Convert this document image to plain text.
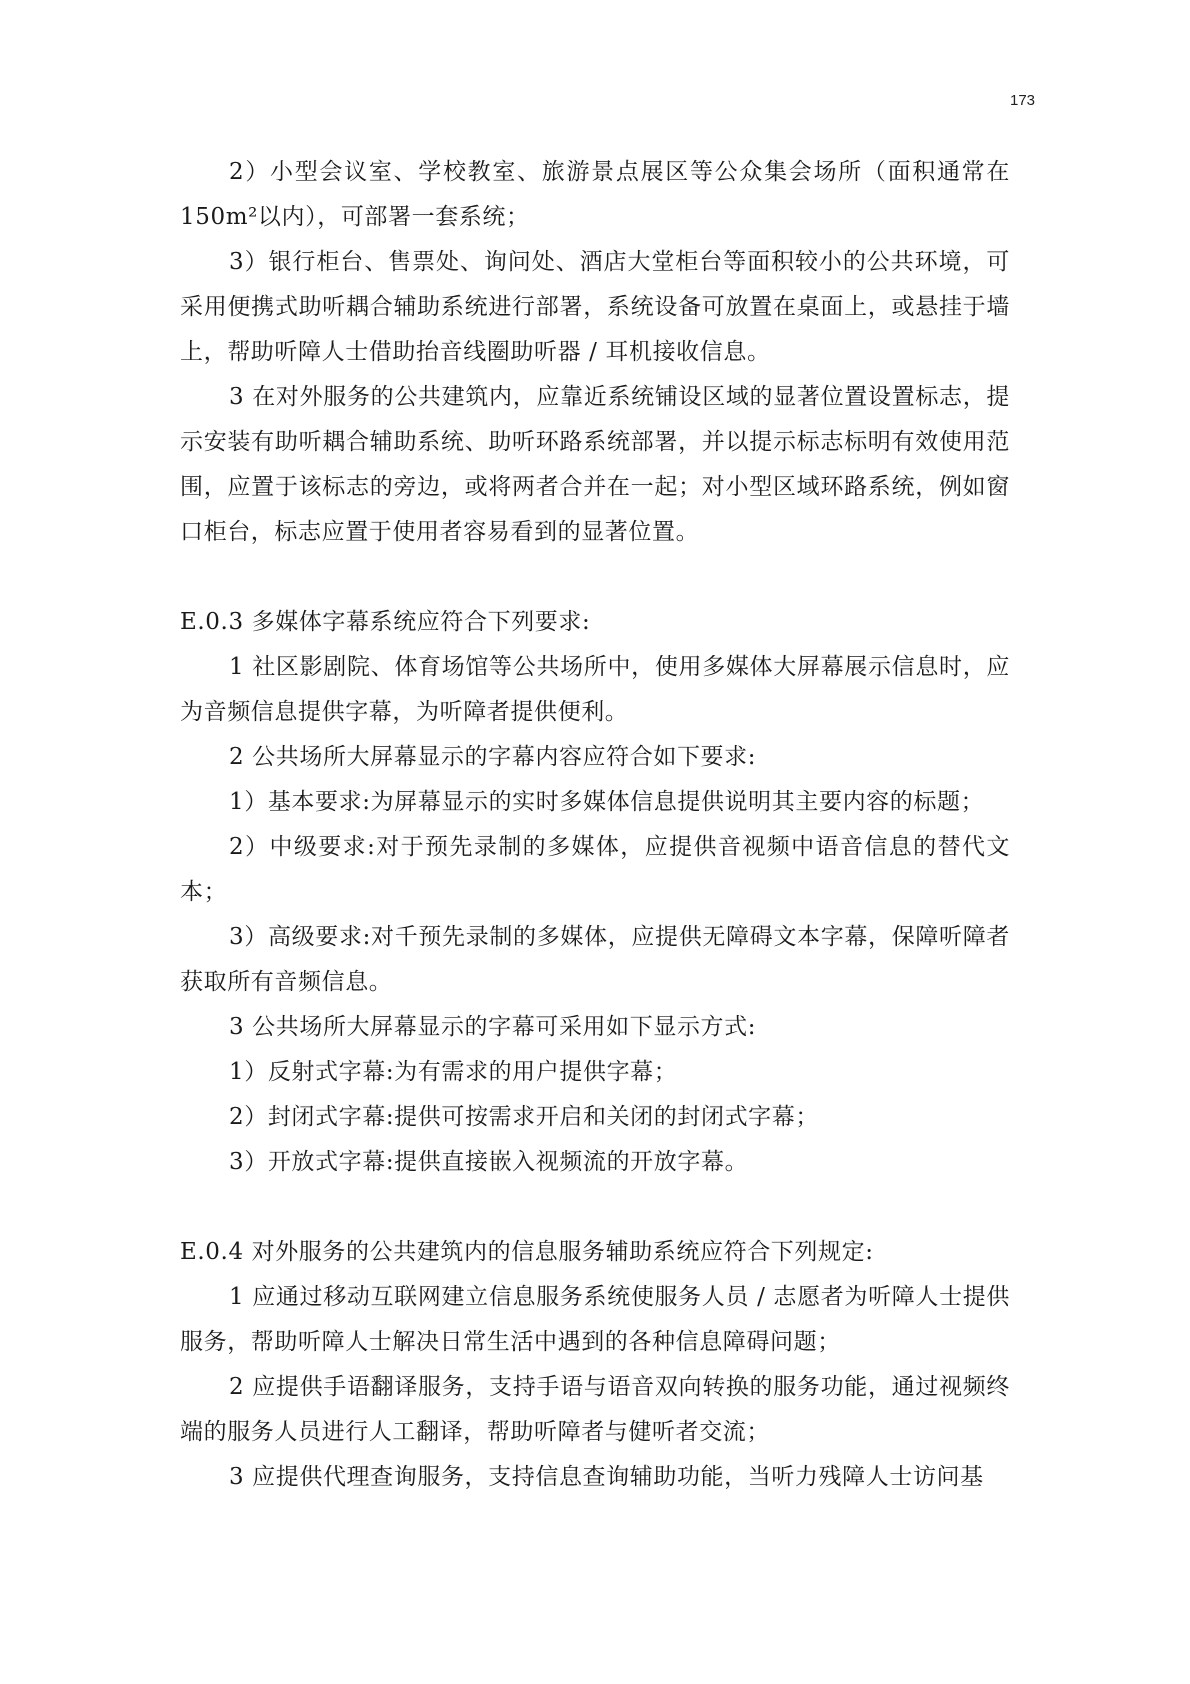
173

2）小型会议室、学校教室、旅游景点展区等公众集会场所（面积通常在150m²以内），可部署一套系统；

3）银行柜台、售票处、询问处、酒店大堂柜台等面积较小的公共环境，可采用便携式助听耦合辅助系统进行部署，系统设备可放置在桌面上，或悬挂于墙上，帮助听障人士借助抬音线圈助听器 / 耳机接收信息。

3 在对外服务的公共建筑内，应靠近系统铺设区域的显著位置设置标志，提示安装有助听耦合辅助系统、助听环路系统部署，并以提示标志标明有效使用范围，应置于该标志的旁边，或将两者合并在一起；对小型区域环路系统，例如窗口柜台，标志应置于使用者容易看到的显著位置。

E.0.3 多媒体字幕系统应符合下列要求:

1 社区影剧院、体育场馆等公共场所中，使用多媒体大屏幕展示信息时，应为音频信息提供字幕，为听障者提供便利。

2 公共场所大屏幕显示的字幕内容应符合如下要求:

1）基本要求:为屏幕显示的实时多媒体信息提供说明其主要内容的标题；

2）中级要求:对于预先录制的多媒体，应提供音视频中语音信息的替代文本；

3）高级要求:对千预先录制的多媒体，应提供无障碍文本字幕，保障听障者获取所有音频信息。

3 公共场所大屏幕显示的字幕可采用如下显示方式:

1）反射式字幕:为有需求的用户提供字幕；

2）封闭式字幕:提供可按需求开启和关闭的封闭式字幕；

3）开放式字幕:提供直接嵌入视频流的开放字幕。

E.0.4 对外服务的公共建筑内的信息服务辅助系统应符合下列规定:

1 应通过移动互联网建立信息服务系统使服务人员 / 志愿者为听障人士提供服务，帮助听障人士解决日常生活中遇到的各种信息障碍问题；

2 应提供手语翻译服务，支持手语与语音双向转换的服务功能，通过视频终端的服务人员进行人工翻译，帮助听障者与健听者交流；

3 应提供代理查询服务，支持信息查询辅助功能，当听力残障人士访问基
